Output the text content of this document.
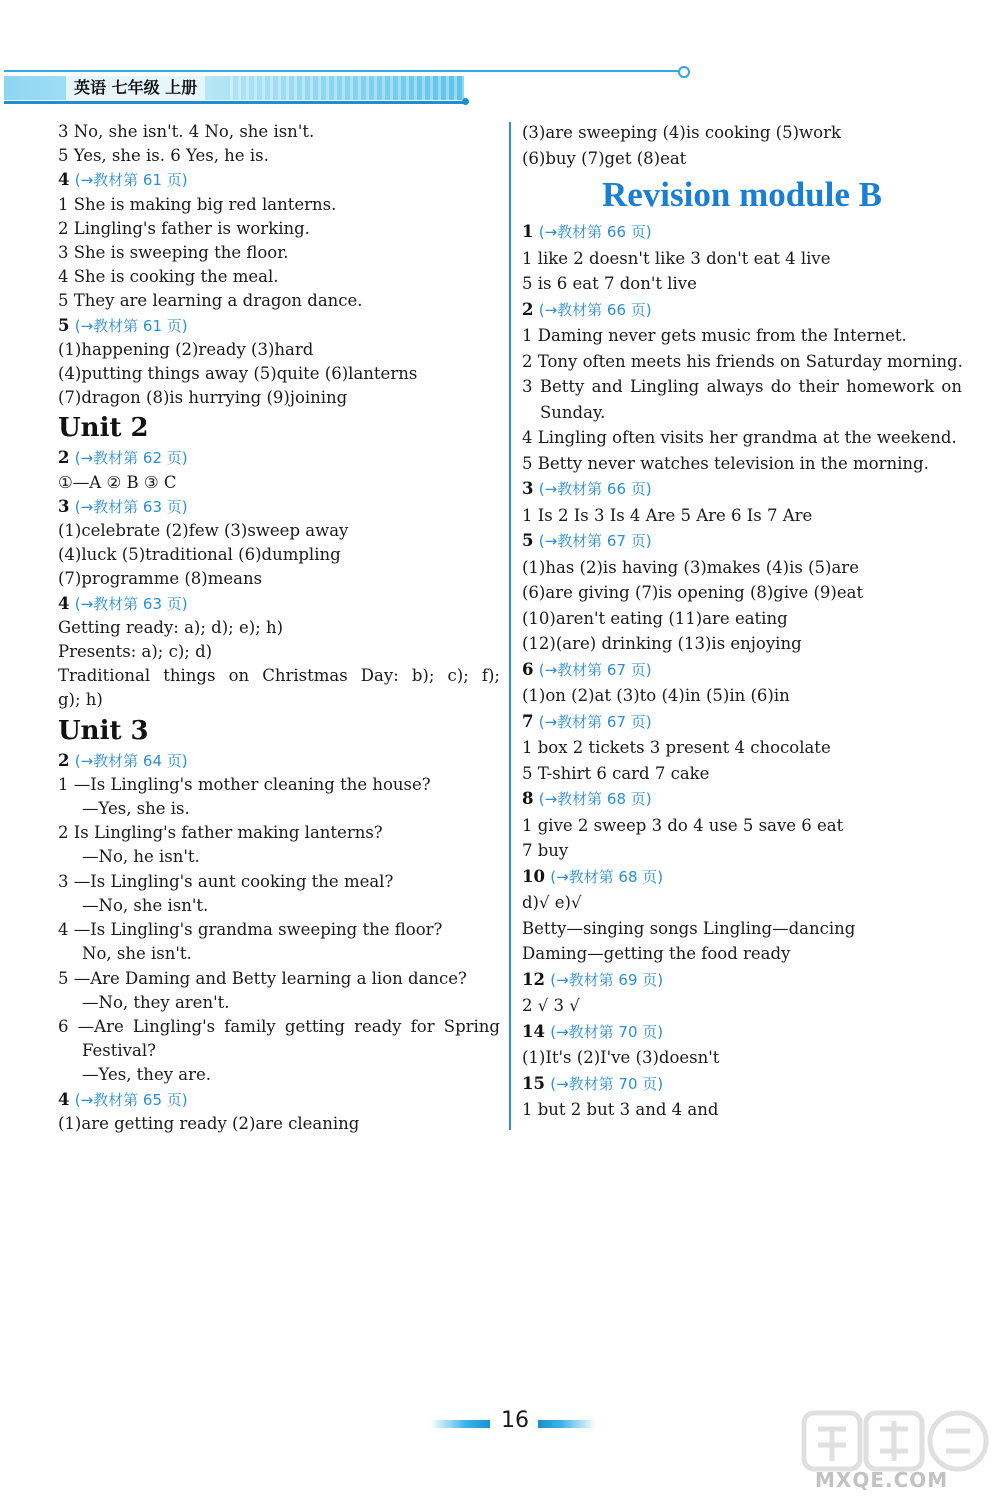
英语 七年级 上册
3 No, she isn't. 4 No, she isn't.
5 Yes, she is. 6 Yes, he is.
4 (→教材第 61 页)
1 She is making big red lanterns.
2 Lingling's father is working.
3 She is sweeping the floor.
4 She is cooking the meal.
5 They are learning a dragon dance.
5 (→教材第 61 页)
(1)happening (2)ready (3)hard
(4)putting things away (5)quite (6)lanterns
(7)dragon (8)is hurrying (9)joining
Unit 2
2 (→教材第 62 页)
①—A ② B ③ C
3 (→教材第 63 页)
(1)celebrate (2)few (3)sweep away
(4)luck (5)traditional (6)dumpling
(7)programme (8)means
4 (→教材第 63 页)
Getting ready: a); d); e); h)
Presents: a); c); d)
Traditional things on Christmas Day: b); c); f);
g); h)
Unit 3
2 (→教材第 64 页)
1 —Is Lingling's mother cleaning the house?
—Yes, she is.
2 Is Lingling's father making lanterns?
—No, he isn't.
3 —Is Lingling's aunt cooking the meal?
—No, she isn't.
4 —Is Lingling's grandma sweeping the floor?
No, she isn't.
5 —Are Daming and Betty learning a lion dance?
—No, they aren't.
6 —Are Lingling's family getting ready for Spring
Festival?
—Yes, they are.
4 (→教材第 65 页)
(1)are getting ready (2)are cleaning
(3)are sweeping (4)is cooking (5)work
(6)buy (7)get (8)eat
Revision module B
1 (→教材第 66 页)
1 like 2 doesn't like 3 don't eat 4 live
5 is 6 eat 7 don't live
2 (→教材第 66 页)
1 Daming never gets music from the Internet.
2 Tony often meets his friends on Saturday morning.
3 Betty and Lingling always do their homework on
Sunday.
4 Lingling often visits her grandma at the weekend.
5 Betty never watches television in the morning.
3 (→教材第 66 页)
1 Is 2 Is 3 Is 4 Are 5 Are 6 Is 7 Are
5 (→教材第 67 页)
(1)has (2)is having (3)makes (4)is (5)are
(6)are giving (7)is opening (8)give (9)eat
(10)aren't eating (11)are eating
(12)(are) drinking (13)is enjoying
6 (→教材第 67 页)
(1)on (2)at (3)to (4)in (5)in (6)in
7 (→教材第 67 页)
1 box 2 tickets 3 present 4 chocolate
5 T-shirt 6 card 7 cake
8 (→教材第 68 页)
1 give 2 sweep 3 do 4 use 5 save 6 eat
7 buy
10 (→教材第 68 页)
d)√ e)√
Betty—singing songs Lingling—dancing
Daming—getting the food ready
12 (→教材第 69 页)
2 √ 3 √
14 (→教材第 70 页)
(1)It's (2)I've (3)doesn't
15 (→教材第 70 页)
1 but 2 but 3 and 4 and
16
MXQE.COM
